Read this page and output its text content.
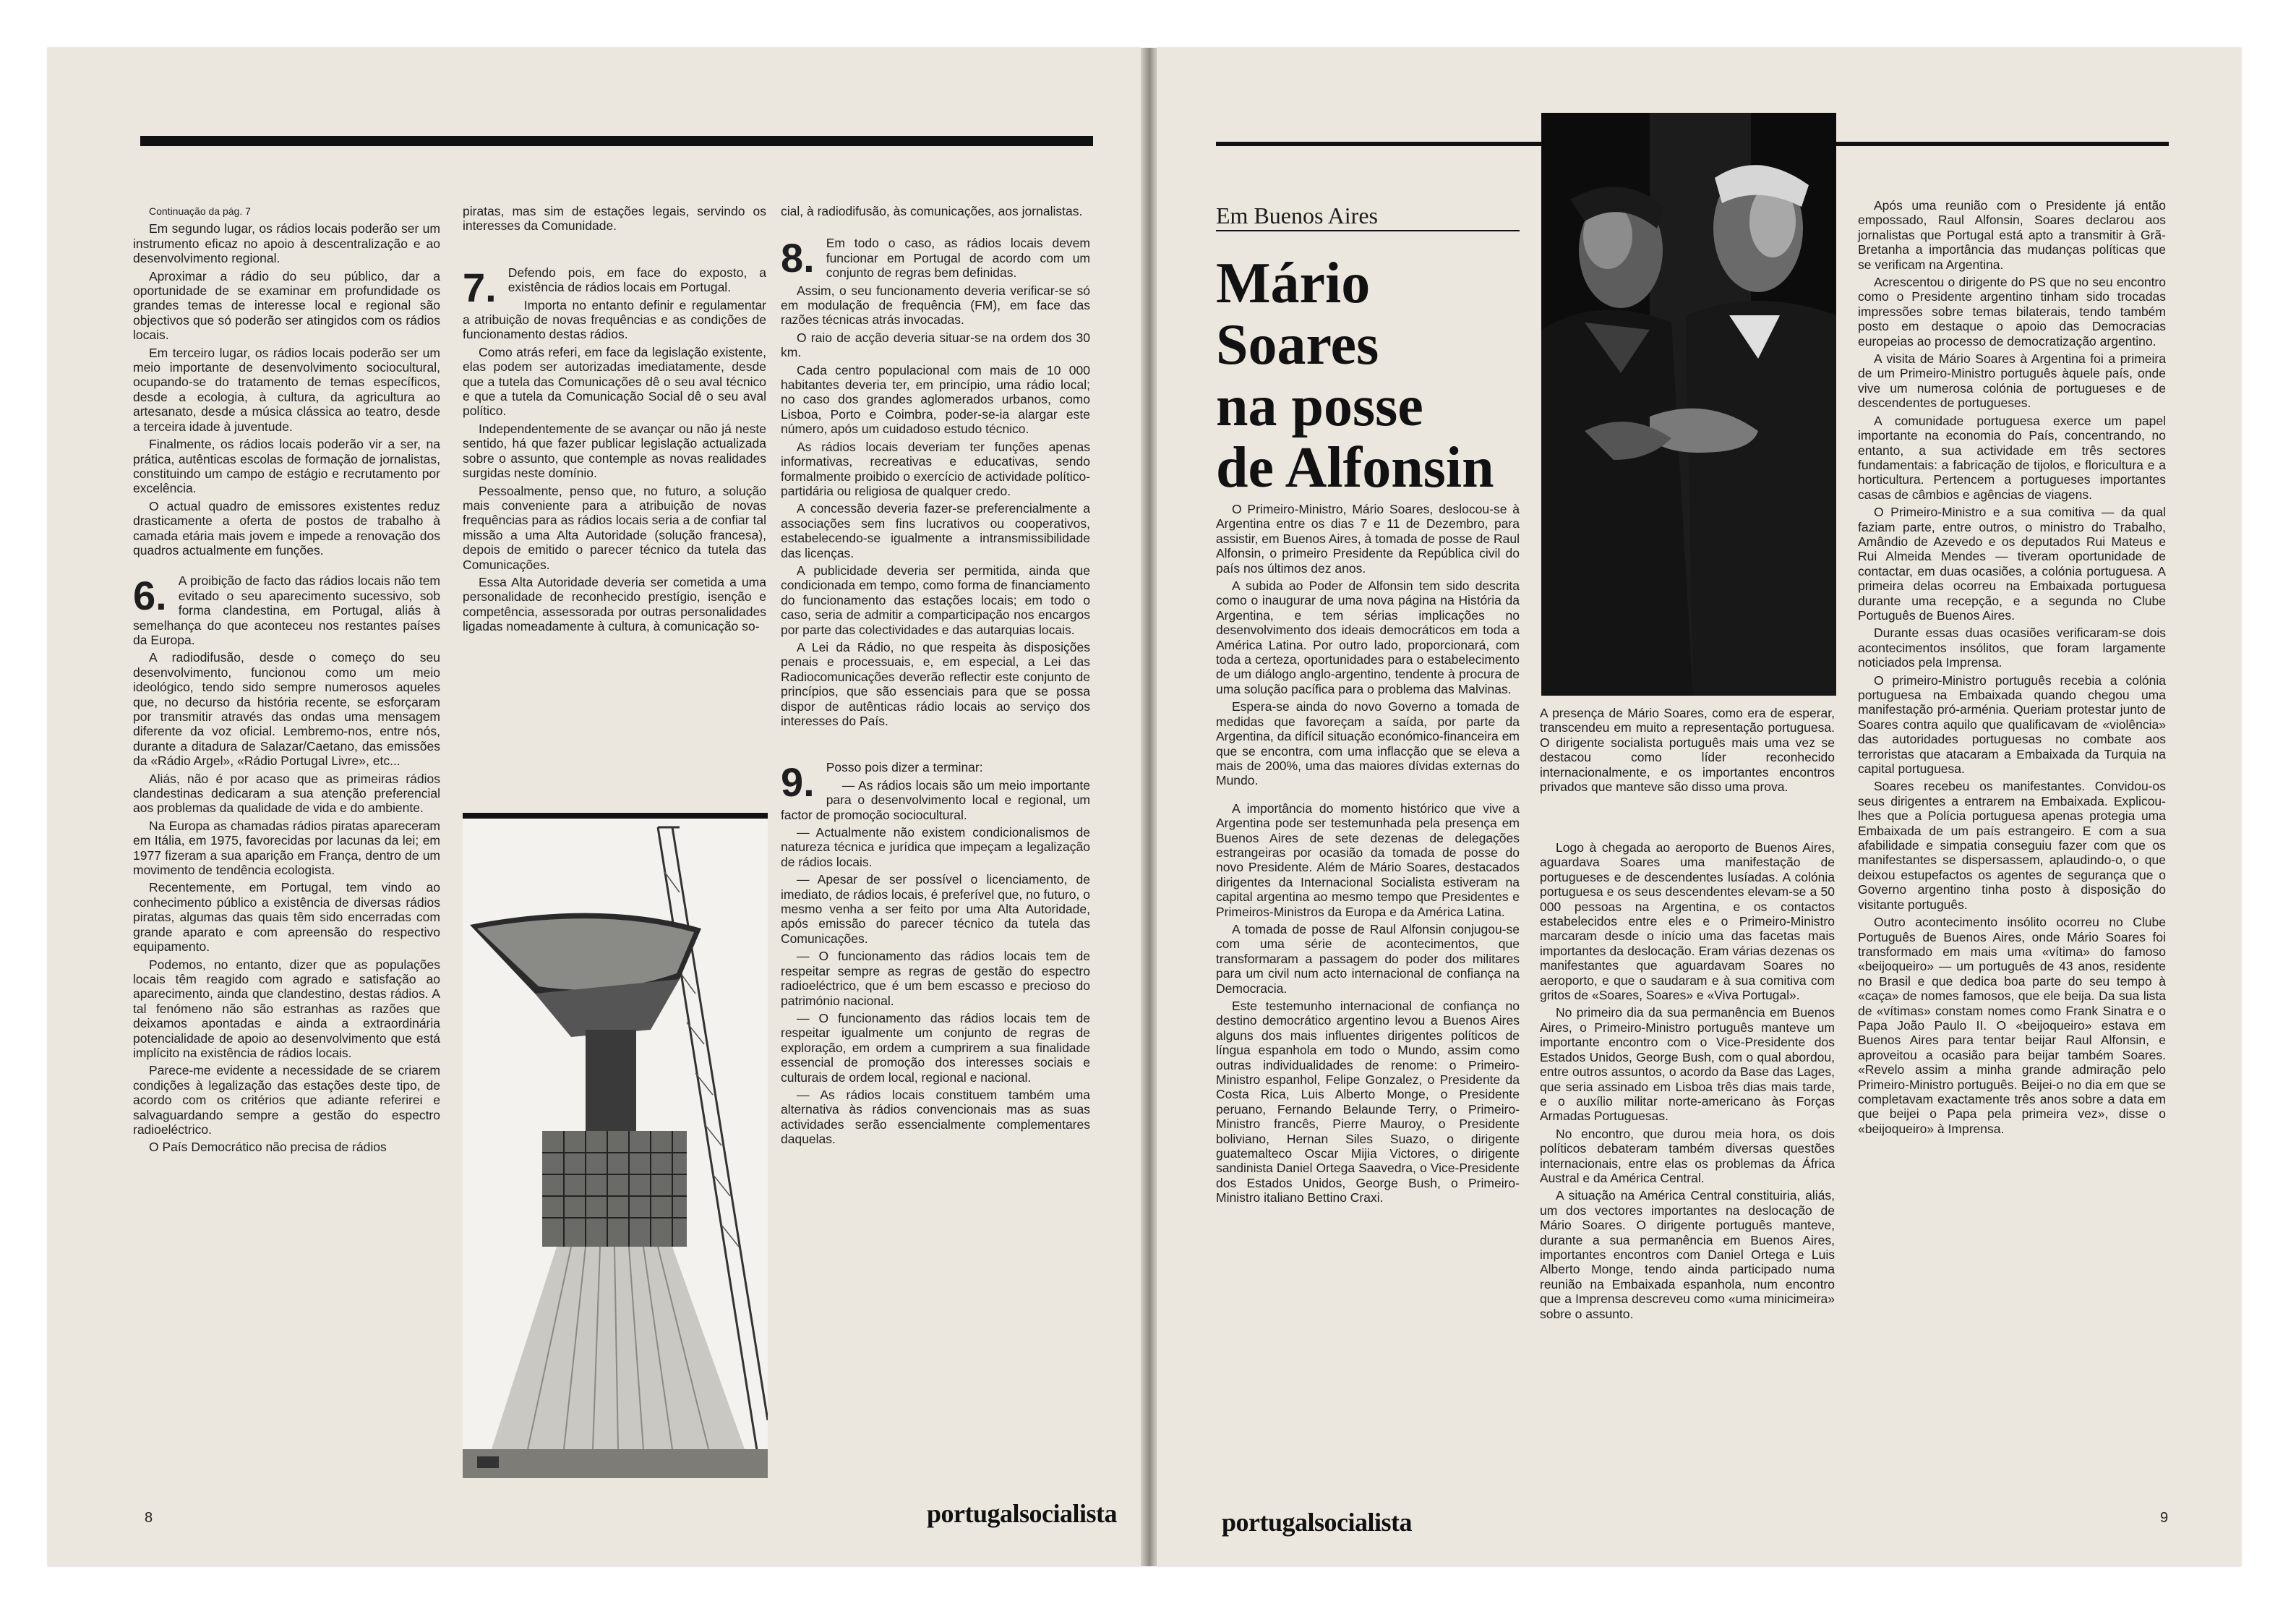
Continuação da pág. 7

Em segundo lugar, os rádios locais poderão ser um instrumento eficaz no apoio à descentralização e ao desenvolvimento regional.

Aproximar a rádio do seu público, dar a oportunidade de se examinar em profundidade os grandes temas de interesse local e regional são objectivos que só poderão ser atingidos com os rádios locais.

Em terceiro lugar, os rádios locais poderão ser um meio importante de desenvolvimento sociocultural, ocupando-se do tratamento de temas específicos, desde a ecologia, à cultura, da agricultura ao artesanato, desde a música clássica ao teatro, desde a terceira idade à juventude.

Finalmente, os rádios locais poderão vir a ser, na prática, autênticas escolas de formação de jornalistas, constituindo um campo de estágio e recrutamento por excelência.

O actual quadro de emissores existentes reduz drasticamente a oferta de postos de trabalho à camada etária mais jovem e impede a renovação dos quadros actualmente em funções.

6. A proibição de facto das rádios locais não tem evitado o seu aparecimento sucessivo, sob forma clandestina, em Portugal, aliás à semelhança do que aconteceu nos restantes países da Europa.

A radiodifusão, desde o começo do seu desenvolvimento, funcionou como um meio ideológico, tendo sido sempre numerosos aqueles que, no decurso da história recente, se esforçaram por transmitir através das ondas uma mensagem diferente da voz oficial. Lembremo-nos, entre nós, durante a ditadura de Salazar/Caetano, das emissões da «Rádio Argel», «Rádio Portugal Livre», etc...

Aliás, não é por acaso que as primeiras rádios clandestinas dedicaram a sua atenção preferencial aos problemas da qualidade de vida e do ambiente.

Na Europa as chamadas rádios piratas apareceram em Itália, em 1975, favorecidas por lacunas da lei; em 1977 fizeram a sua aparição em França, dentro de um movimento de tendência ecologista.

Recentemente, em Portugal, tem vindo ao conhecimento público a existência de diversas rádios piratas, algumas das quais têm sido encerradas com grande aparato e com apreensão do respectivo equipamento.

Podemos, no entanto, dizer que as populações locais têm reagido com agrado e satisfação ao aparecimento, ainda que clandestino, destas rádios. A tal fenómeno não são estranhas as razões que deixamos apontadas e ainda a extraordinária potencialidade de apoio ao desenvolvimento que está implícito na existência de rádios locais.

Parece-me evidente a necessidade de se criarem condições à legalização das estações deste tipo, de acordo com os critérios que adiante referirei e salvaguardando sempre a gestão do espectro radioeléctrico.

O País Democrático não precisa de rádios

piratas, mas sim de estações legais, servindo os interesses da Comunidade.

7. Defendo pois, em face do exposto, a existência de rádios locais em Portugal.

Importa no entanto definir e regulamentar a atribuição de novas frequências e as condições de funcionamento destas rádios.

Como atrás referi, em face da legislação existente, elas podem ser autorizadas imediatamente, desde que a tutela das Comunicações dê o seu aval técnico e que a tutela da Comunicação Social dê o seu aval político.

Independentemente de se avançar ou não já neste sentido, há que fazer publicar legislação actualizada sobre o assunto, que contemple as novas realidades surgidas neste domínio.

Pessoalmente, penso que, no futuro, a solução mais conveniente para a atribuição de novas frequências para as rádios locais seria a de confiar tal missão a uma Alta Autoridade (solução francesa), depois de emitido o parecer técnico da tutela das Comunicações.

Essa Alta Autoridade deveria ser cometida a uma personalidade de reconhecido prestígio, isenção e competência, assessorada por outras personalidades ligadas nomeadamente à cultura, à comunicação so-

cial, à radiodifusão, às comunicações, aos jornalistas.

8. Em todo o caso, as rádios locais devem funcionar em Portugal de acordo com um conjunto de regras bem definidas.

Assim, o seu funcionamento deveria verificar-se só em modulação de frequência (FM), em face das razões técnicas atrás invocadas.

O raio de acção deveria situar-se na ordem dos 30 km.

Cada centro populacional com mais de 10 000 habitantes deveria ter, em princípio, uma rádio local; no caso dos grandes aglomerados urbanos, como Lisboa, Porto e Coimbra, poder-se-ia alargar este número, após um cuidadoso estudo técnico.

As rádios locais deveriam ter funções apenas informativas, recreativas e educativas, sendo formalmente proibido o exercício de actividade político-partidária ou religiosa de qualquer credo.

A concessão deveria fazer-se preferencialmente a associações sem fins lucrativos ou cooperativos, estabelecendo-se igualmente a intransmissibilidade das licenças.

A publicidade deveria ser permitida, ainda que condicionada em tempo, como forma de financiamento do funcionamento das estações locais; em todo o caso, seria de admitir a comparticipação nos encargos por parte das colectividades e das autarquias locais.

A Lei da Rádio, no que respeita às disposições penais e processuais, e, em especial, a Lei das Radiocomunicações deverão reflectir este conjunto de princípios, que são essenciais para que se possa dispor de autênticas rádio locais ao serviço dos interesses do País.

9. Posso pois dizer a terminar:

— As rádios locais são um meio importante para o desenvolvimento local e regional, um factor de promoção sociocultural.

— Actualmente não existem condicionalismos de natureza técnica e jurídica que impeçam a legalização de rádios locais.

— Apesar de ser possível o licenciamento, de imediato, de rádios locais, é preferível que, no futuro, o mesmo venha a ser feito por uma Alta Autoridade, após emissão do parecer técnico da tutela das Comunicações.

— O funcionamento das rádios locais tem de respeitar sempre as regras de gestão do espectro radioeléctrico, que é um bem escasso e precioso do património nacional.

— O funcionamento das rádios locais tem de respeitar igualmente um conjunto de regras de exploração, em ordem a cumprirem a sua finalidade essencial de promoção dos interesses sociais e culturais de ordem local, regional e nacional.

— As rádios locais constituem também uma alternativa às rádios convencionais mas as suas actividades serão essencialmente complementares daquelas.

8	portugalsocialista
Em Buenos Aires
Mário
Soares
na posse
de Alfonsin

A presença de Mário Soares, como era de esperar, transcendeu em muito a representação portuguesa. O dirigente socialista português mais uma vez se destacou como líder reconhecido internacionalmente, e os importantes encontros privados que manteve são disso uma prova.

O Primeiro-Ministro, Mário Soares, deslocou-se à Argentina entre os dias 7 e 11 de Dezembro, para assistir, em Buenos Aires, à tomada de posse de Raul Alfonsin, o primeiro Presidente da República civil do país nos últimos dez anos.

A subida ao Poder de Alfonsin tem sido descrita como o inaugurar de uma nova página na História da Argentina, e tem sérias implicações no desenvolvimento dos ideais democráticos em toda a América Latina. Por outro lado, proporcionará, com toda a certeza, oportunidades para o estabelecimento de um diálogo anglo-argentino, tendente à procura de uma solução pacífica para o problema das Malvinas.

Espera-se ainda do novo Governo a tomada de medidas que favoreçam a saída, por parte da Argentina, da difícil situação económico-financeira em que se encontra, com uma inflacção que se eleva a mais de 200%, uma das maiores dívidas externas do Mundo.

A importância do momento histórico que vive a Argentina pode ser testemunhada pela presença em Buenos Aires de sete dezenas de delegações estrangeiras por ocasião da tomada de posse do novo Presidente. Além de Mário Soares, destacados dirigentes da Internacional Socialista estiveram na capital argentina ao mesmo tempo que Presidentes e Primeiros-Ministros da Europa e da América Latina.

A tomada de posse de Raul Alfonsin conjugou-se com uma série de acontecimentos, que transformaram a passagem do poder dos militares para um civil num acto internacional de confiança na Democracia.

Este testemunho internacional de confiança no destino democrático argentino levou a Buenos Aires alguns dos mais influentes dirigentes políticos de língua espanhola em todo o Mundo, assim como outras individualidades de renome: o Primeiro-Ministro espanhol, Felipe Gonzalez, o Presidente da Costa Rica, Luis Alberto Monge, o Presidente peruano, Fernando Belaunde Terry, o Primeiro-Ministro francês, Pierre Mauroy, o Presidente boliviano, Hernan Siles Suazo, o dirigente guatemalteco Oscar Mijia Victores, o dirigente sandinista Daniel Ortega Saavedra, o Vice-Presidente dos Estados Unidos, George Bush, o Primeiro-Ministro italiano Bettino Craxi.

Logo à chegada ao aeroporto de Buenos Aires, aguardava Soares uma manifestação de portugueses e de descendentes lusíadas. A colónia portuguesa e os seus descendentes elevam-se a 50 000 pessoas na Argentina, e os contactos estabelecidos entre eles e o Primeiro-Ministro marcaram desde o início uma das facetas mais importantes da deslocação. Eram várias dezenas os manifestantes que aguardavam Soares no aeroporto, e que o saudaram e à sua comitiva com gritos de «Soares, Soares» e «Viva Portugal».

No primeiro dia da sua permanência em Buenos Aires, o Primeiro-Ministro português manteve um importante encontro com o Vice-Presidente dos Estados Unidos, George Bush, com o qual abordou, entre outros assuntos, o acordo da Base das Lages, que seria assinado em Lisboa três dias mais tarde, e o auxílio militar norte-americano às Forças Armadas Portuguesas.

No encontro, que durou meia hora, os dois políticos debateram também diversas questões internacionais, entre elas os problemas da África Austral e da América Central.

A situação na América Central constituiria, aliás, um dos vectores importantes na deslocação de Mário Soares. O dirigente português manteve, durante a sua permanência em Buenos Aires, importantes encontros com Daniel Ortega e Luis Alberto Monge, tendo ainda participado numa reunião na Embaixada espanhola, num encontro que a Imprensa descreveu como «uma minicimeira» sobre o assunto.

Após uma reunião com o Presidente já então empossado, Raul Alfonsin, Soares declarou aos jornalistas que Portugal está apto a transmitir à Grã-Bretanha a importância das mudanças políticas que se verificam na Argentina.

Acrescentou o dirigente do PS que no seu encontro como o Presidente argentino tinham sido trocadas impressões sobre temas bilaterais, tendo também posto em destaque o apoio das Democracias europeias ao processo de democratização argentino.

A visita de Mário Soares à Argentina foi a primeira de um Primeiro-Ministro português àquele país, onde vive um numerosa colónia de portugueses e de descendentes de portugueses.

A comunidade portuguesa exerce um papel importante na economia do País, concentrando, no entanto, a sua actividade em três sectores fundamentais: a fabricação de tijolos, e floricultura e a horticultura. Pertencem a portugueses importantes casas de câmbios e agências de viagens.

O Primeiro-Ministro e a sua comitiva — da qual faziam parte, entre outros, o ministro do Trabalho, Amândio de Azevedo e os deputados Rui Mateus e Rui Almeida Mendes — tiveram oportunidade de contactar, em duas ocasiões, a colónia portuguesa. A primeira delas ocorreu na Embaixada portuguesa durante uma recepção, e a segunda no Clube Português de Buenos Aires.

Durante essas duas ocasiões verificaram-se dois acontecimentos insólitos, que foram largamente noticiados pela Imprensa.

O primeiro-Ministro português recebia a colónia portuguesa na Embaixada quando chegou uma manifestação pró-arménia. Queriam protestar junto de Soares contra aquilo que qualificavam de «violência» das autoridades portuguesas no combate aos terroristas que atacaram a Embaixada da Turquia na capital portuguesa.

Soares recebeu os manifestantes. Convidou-os seus dirigentes a entrarem na Embaixada. Explicou-lhes que a Polícia portuguesa apenas protegia uma Embaixada de um país estrangeiro. E com a sua afabilidade e simpatia conseguiu fazer com que os manifestantes se dispersassem, aplaudindo-o, o que deixou estupefactos os agentes de segurança que o Governo argentino tinha posto à disposição do visitante português.

Outro acontecimento insólito ocorreu no Clube Português de Buenos Aires, onde Mário Soares foi transformado em mais uma «vítima» do famoso «beijoqueiro» — um português de 43 anos, residente no Brasil e que dedica boa parte do seu tempo à «caça» de nomes famosos, que ele beija. Da sua lista de «vítimas» constam nomes como Frank Sinatra e o Papa João Paulo II. O «beijoqueiro» estava em Buenos Aires para tentar beijar Raul Alfonsin, e aproveitou a ocasião para beijar também Soares. «Revelo assim a minha grande admiração pelo Primeiro-Ministro português. Beijei-o no dia em que se completavam exactamente três anos sobre a data em que beijei o Papa pela primeira vez», disse o «beijoqueiro» à Imprensa.

portugalsocialista	9
